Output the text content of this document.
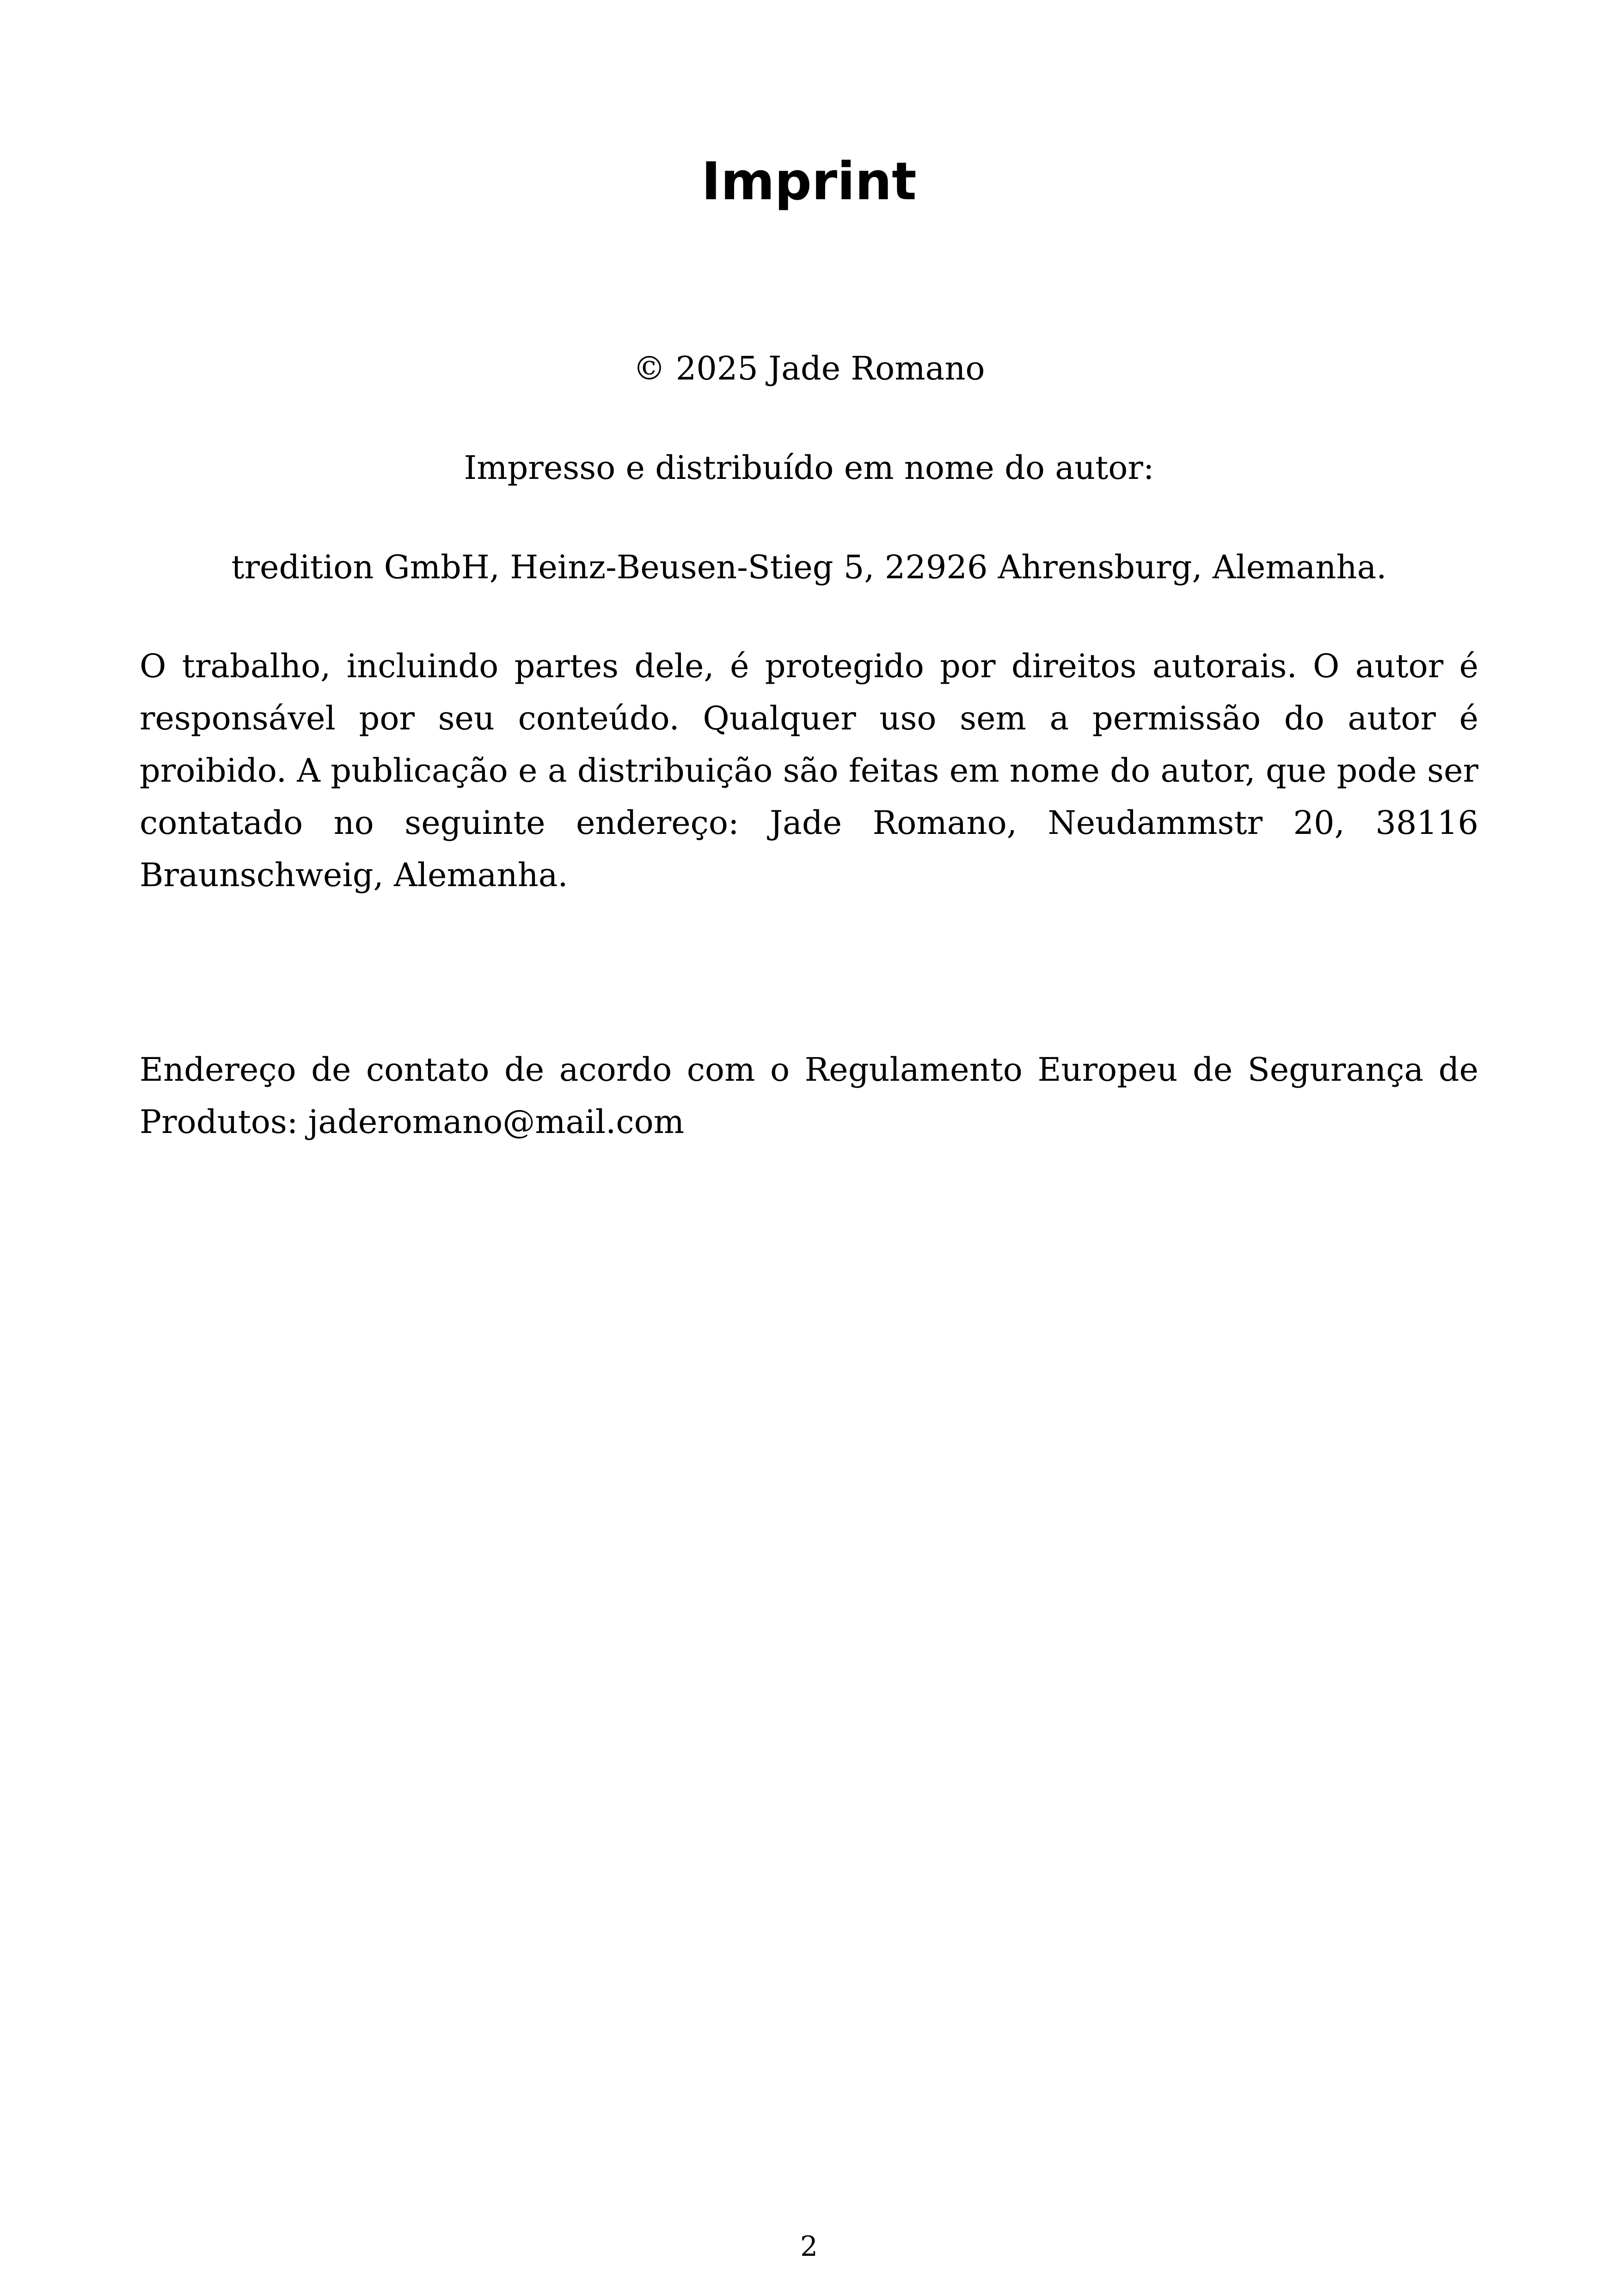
Imprint

© 2025 Jade Romano

Impresso e distribuído em nome do autor:

tredition GmbH, Heinz-Beusen-Stieg 5, 22926 Ahrensburg, Alemanha.

O trabalho, incluindo partes dele, é protegido por direitos autorais. O autor é
responsável por seu conteúdo. Qualquer uso sem a permissão do autor é
proibido. A publicação e a distribuição são feitas em nome do autor, que pode ser
contatado no seguinte endereço: Jade Romano, Neudammstr 20, 38116
Braunschweig, Alemanha.
Endereço de contato de acordo com o Regulamento Europeu de Segurança de
Produtos: jaderomano@mail.com

2
